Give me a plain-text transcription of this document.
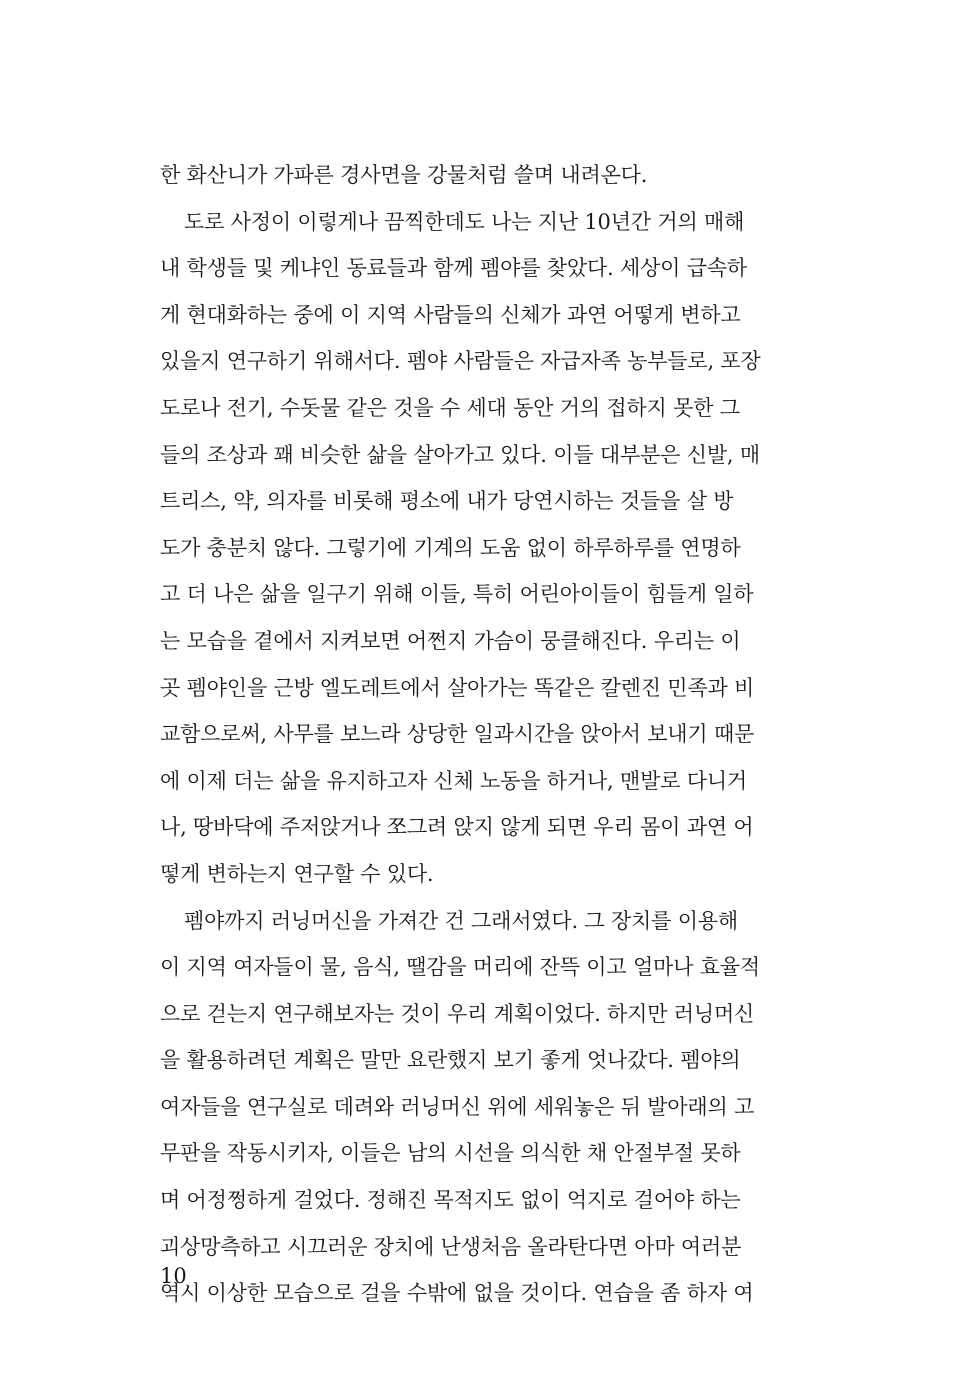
한 화산니가 가파른 경사면을 강물처럼 쓸며 내려온다.
도로 사정이 이렇게나 끔찍한데도 나는 지난 10년간 거의 매해
내 학생들 및 케냐인 동료들과 함께 펨야를 찾았다. 세상이 급속하
게 현대화하는 중에 이 지역 사람들의 신체가 과연 어떻게 변하고
있을지 연구하기 위해서다. 펨야 사람들은 자급자족 농부들로, 포장
도로나 전기, 수돗물 같은 것을 수 세대 동안 거의 접하지 못한 그
들의 조상과 꽤 비슷한 삶을 살아가고 있다. 이들 대부분은 신발, 매
트리스, 약, 의자를 비롯해 평소에 내가 당연시하는 것들을 살 방
도가 충분치 않다. 그렇기에 기계의 도움 없이 하루하루를 연명하
고 더 나은 삶을 일구기 위해 이들, 특히 어린아이들이 힘들게 일하
는 모습을 곁에서 지켜보면 어쩐지 가슴이 뭉클해진다. 우리는 이
곳 펨야인을 근방 엘도레트에서 살아가는 똑같은 칼렌진 민족과 비
교함으로써, 사무를 보느라 상당한 일과시간을 앉아서 보내기 때문
에 이제 더는 삶을 유지하고자 신체 노동을 하거나, 맨발로 다니거
나, 땅바닥에 주저앉거나 쪼그려 앉지 않게 되면 우리 몸이 과연 어
떻게 변하는지 연구할 수 있다.
펨야까지 러닝머신을 가져간 건 그래서였다. 그 장치를 이용해
이 지역 여자들이 물, 음식, 땔감을 머리에 잔뜩 이고 얼마나 효율적
으로 걷는지 연구해보자는 것이 우리 계획이었다. 하지만 러닝머신
을 활용하려던 계획은 말만 요란했지 보기 좋게 엇나갔다. 펨야의
여자들을 연구실로 데려와 러닝머신 위에 세워놓은 뒤 발아래의 고
무판을 작동시키자, 이들은 남의 시선을 의식한 채 안절부절 못하
며 어정쩡하게 걸었다. 정해진 목적지도 없이 억지로 걸어야 하는
괴상망측하고 시끄러운 장치에 난생처음 올라탄다면 아마 여러분
역시 이상한 모습으로 걸을 수밖에 없을 것이다. 연습을 좀 하자 여
10
